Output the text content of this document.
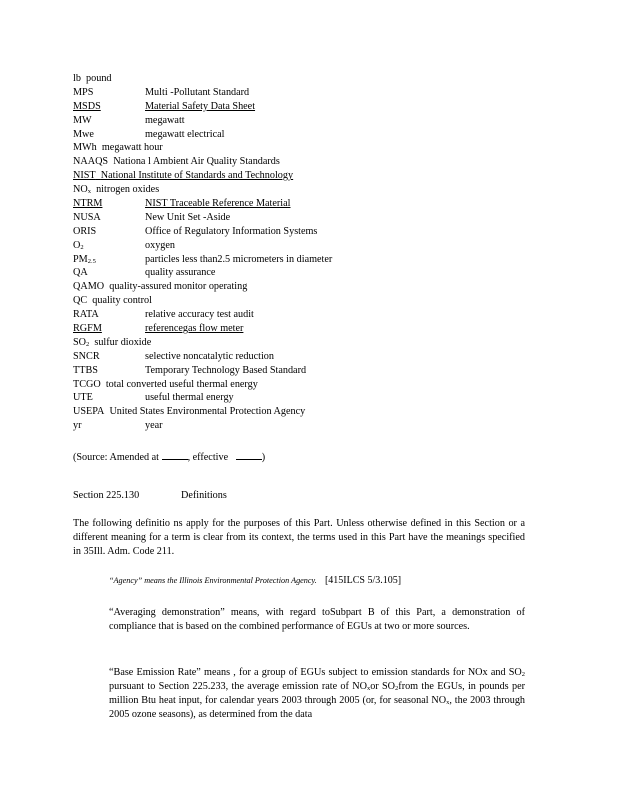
lb pound
MPS	Multi -Pollutant Standard
MSDS	Material Safety Data Sheet
MW	megawatt
Mwe	megawatt electrical
MWh megawatt hour
NAAQS Nationa l Ambient Air Quality Standards
NIST National Institute of Standards and Technology
$NO_x$ nitrogen oxides
NTRM	NIST Traceable Reference Material
NUSA	New Unit Set -Aside
ORIS	Office of Regulatory Information Systems
$O_2$	oxygen
$PM_{2.5}$	particles less than2.5 micrometers in diameter
QA	quality assurance
QAMO quality-assured monitor operating
QC quality control
RATA	relative accuracy test audit
RGFM	referencegas flow meter
$SO_2$ sulfur dioxide
SNCR	selective noncatalytic reduction
TTBS	Temporary Technology Based Standard
TCGO total converted useful thermal energy
UTE	useful thermal energy
USEPA United States Environmental Protection Agency
yr	year
(Source: Amended at	, effective	)
Section 225.130	Definitions
The following definitio ns apply for the purposes of this Part. Unless otherwise defined in this Section or a different meaning for a term is clear from its context, the terms used in this Part have the meanings specified in 35Ill. Adm. Code 211.
“Agency” means the Illinois Environmental Protection Agency. [415ILCS 5/3.105]
“Averaging demonstration” means, with regard toSubpart B of this Part, a demonstration of compliance that is based on the combined performance of EGUs at two or more sources.
“Base Emission Rate” means , for a group of EGUs subject to emission standards for NOx and $SO_2$ pursuant to Section 225.233, the average emission rate of $NO_xor$ $SO_2from$ the EGUs, in pounds per million Btu heat input, for calendar years 2003 through 2005 (or, for seasonal $NO_x$, the 2003 through 2005 ozone seasons), as determined from the data
